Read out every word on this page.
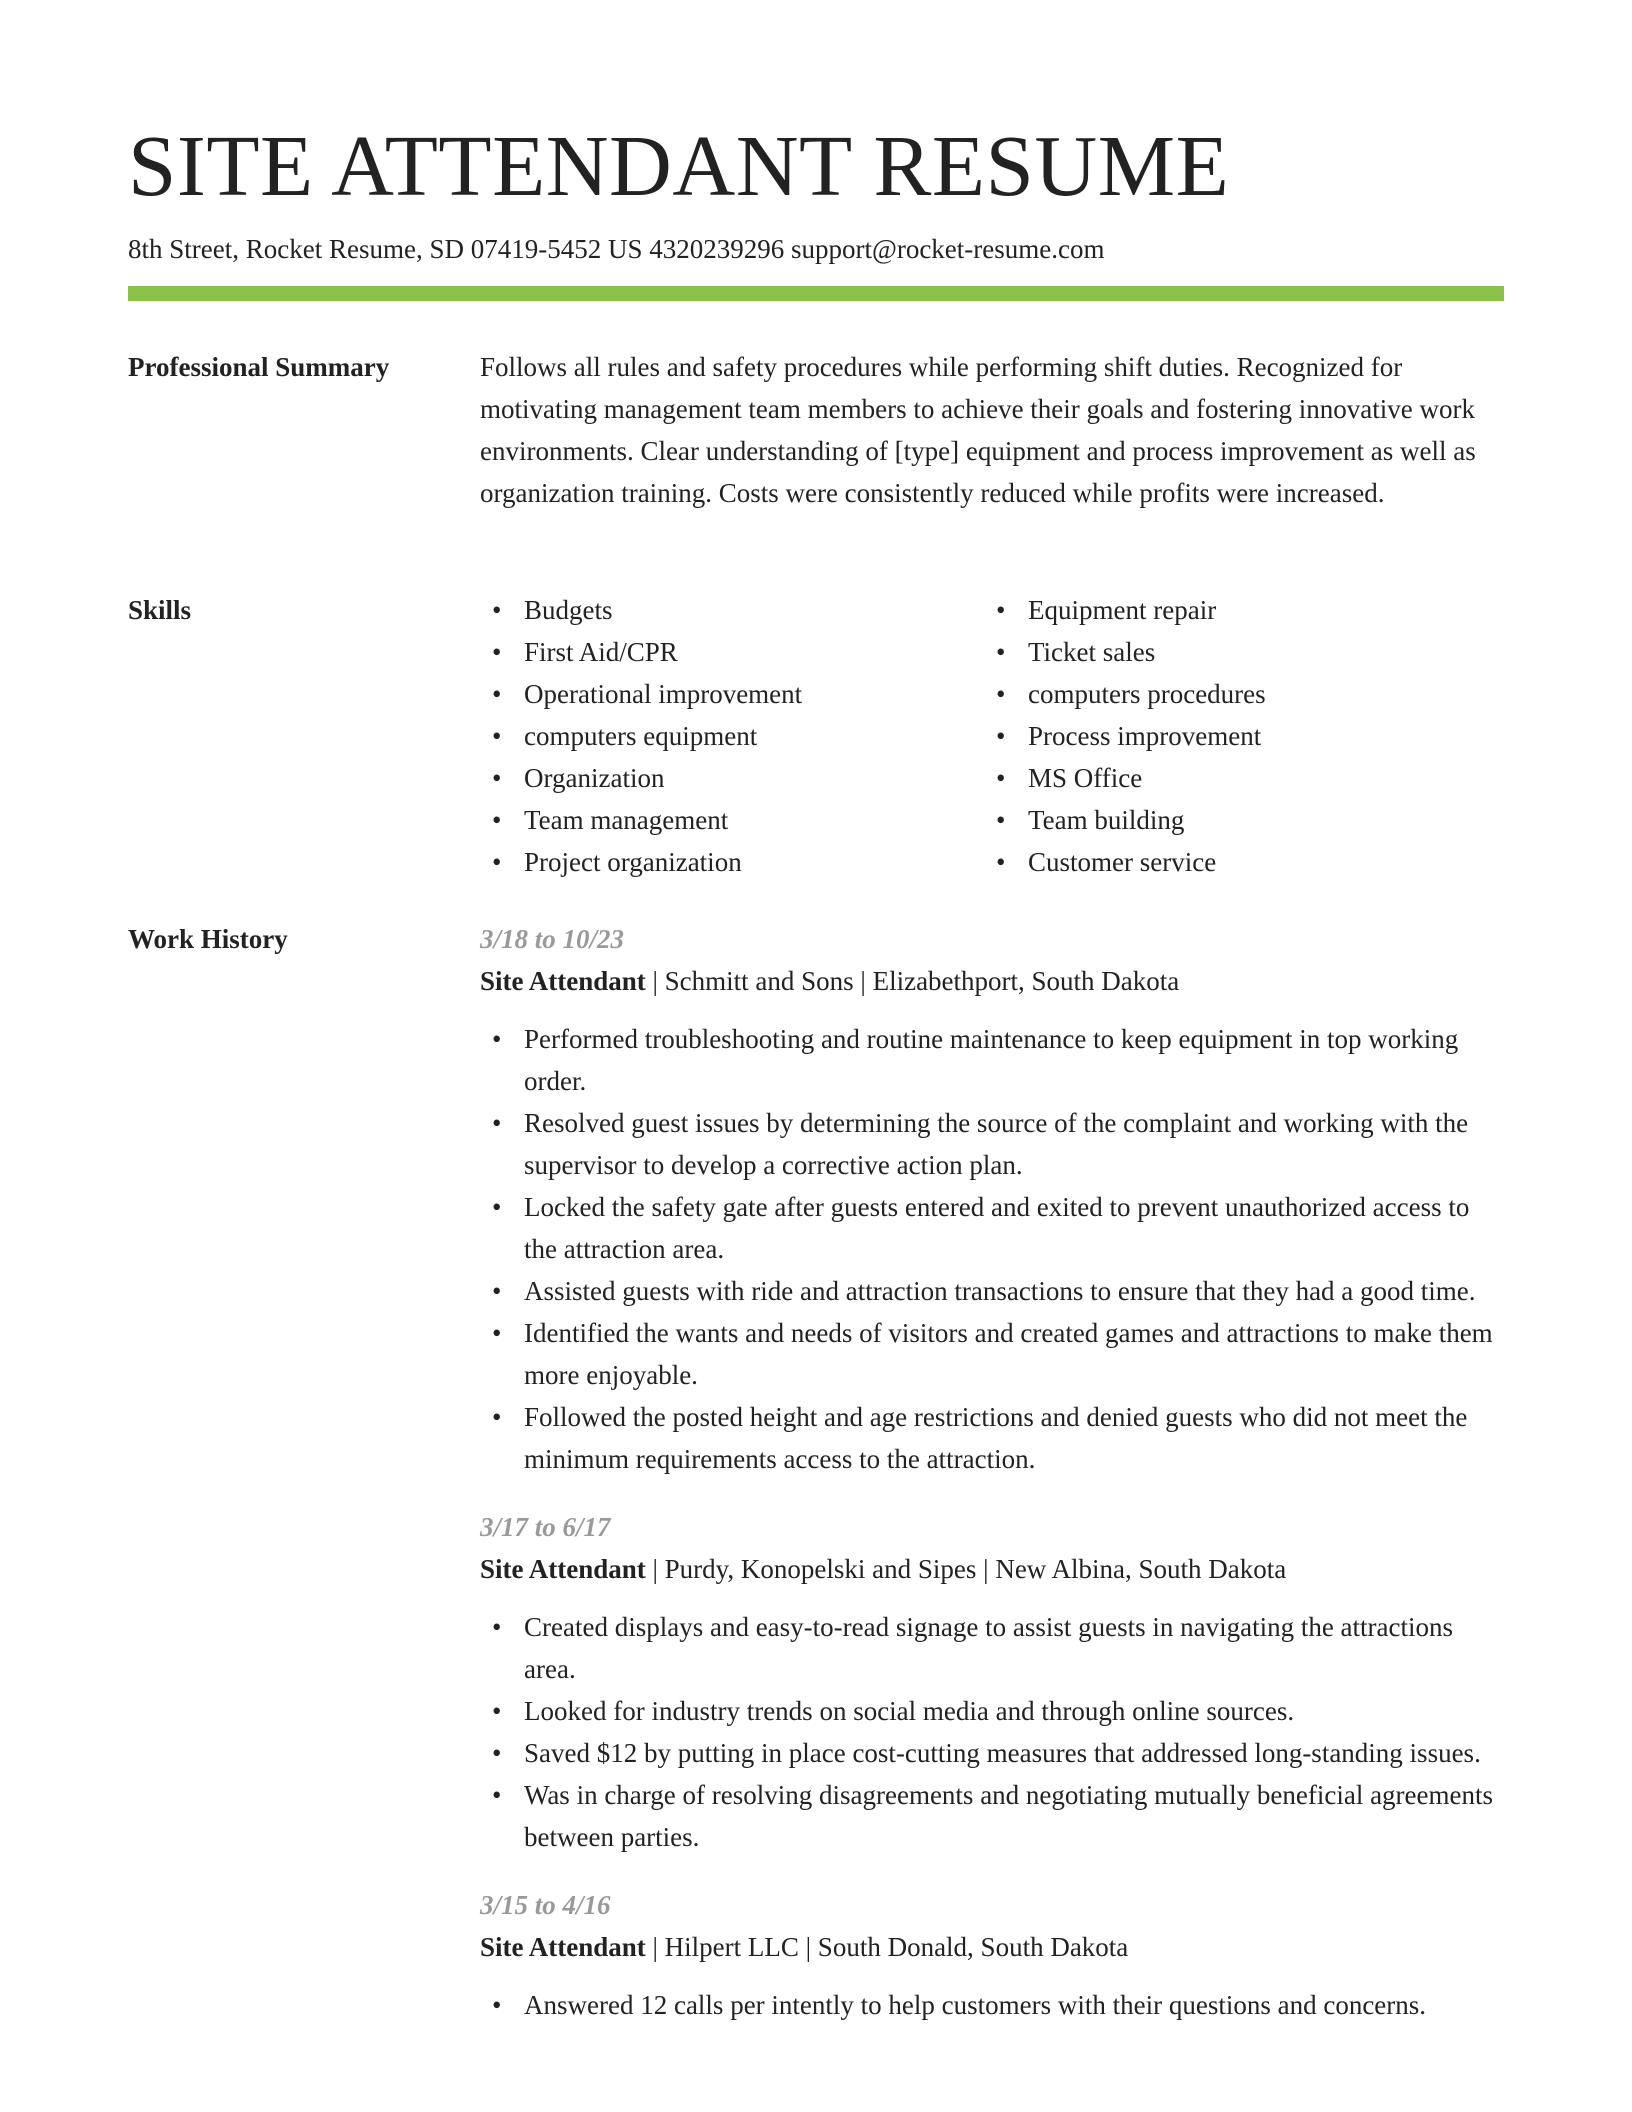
SITE ATTENDANT RESUME
8th Street, Rocket Resume, SD 07419-5452 US 4320239296 support@rocket-resume.com
Professional Summary	Follows all rules and safety procedures while performing shift duties. Recognized for motivating management team members to achieve their goals and fostering innovative work environments. Clear understanding of [type] equipment and process improvement as well as organization training. Costs were consistently reduced while profits were increased.

Skills
•	Budgets
• First Aid/CPR
• Operational improvement
• computers equipment
• Organization
• Team management
• Project organization
• Equipment repair
• Ticket sales
• computers procedures
• Process improvement
• MS Office
• Team building
• Customer service
Work History	3/18 to 10/23
Site Attendant | Schmitt and Sons | Elizabethport, South Dakota
• Performed troubleshooting and routine maintenance to keep equipment in top working order.
• Resolved guest issues by determining the source of the complaint and working with the supervisor to develop a corrective action plan.
• Locked the safety gate after guests entered and exited to prevent unauthorized access to the attraction area.
• Assisted guests with ride and attraction transactions to ensure that they had a good time.
• Identified the wants and needs of visitors and created games and attractions to make them more enjoyable.
• Followed the posted height and age restrictions and denied guests who did not meet the minimum requirements access to the attraction.
3/17 to 6/17
Site Attendant | Purdy, Konopelski and Sipes | New Albina, South Dakota
• Created displays and easy-to-read signage to assist guests in navigating the attractions area.
• Looked for industry trends on social media and through online sources.
• Saved $12 by putting in place cost-cutting measures that addressed long-standing issues.
• Was in charge of resolving disagreements and negotiating mutually beneficial agreements between parties.
3/15 to 4/16
Site Attendant | Hilpert LLC | South Donald, South Dakota
• Answered 12 calls per intently to help customers with their questions and concerns.
